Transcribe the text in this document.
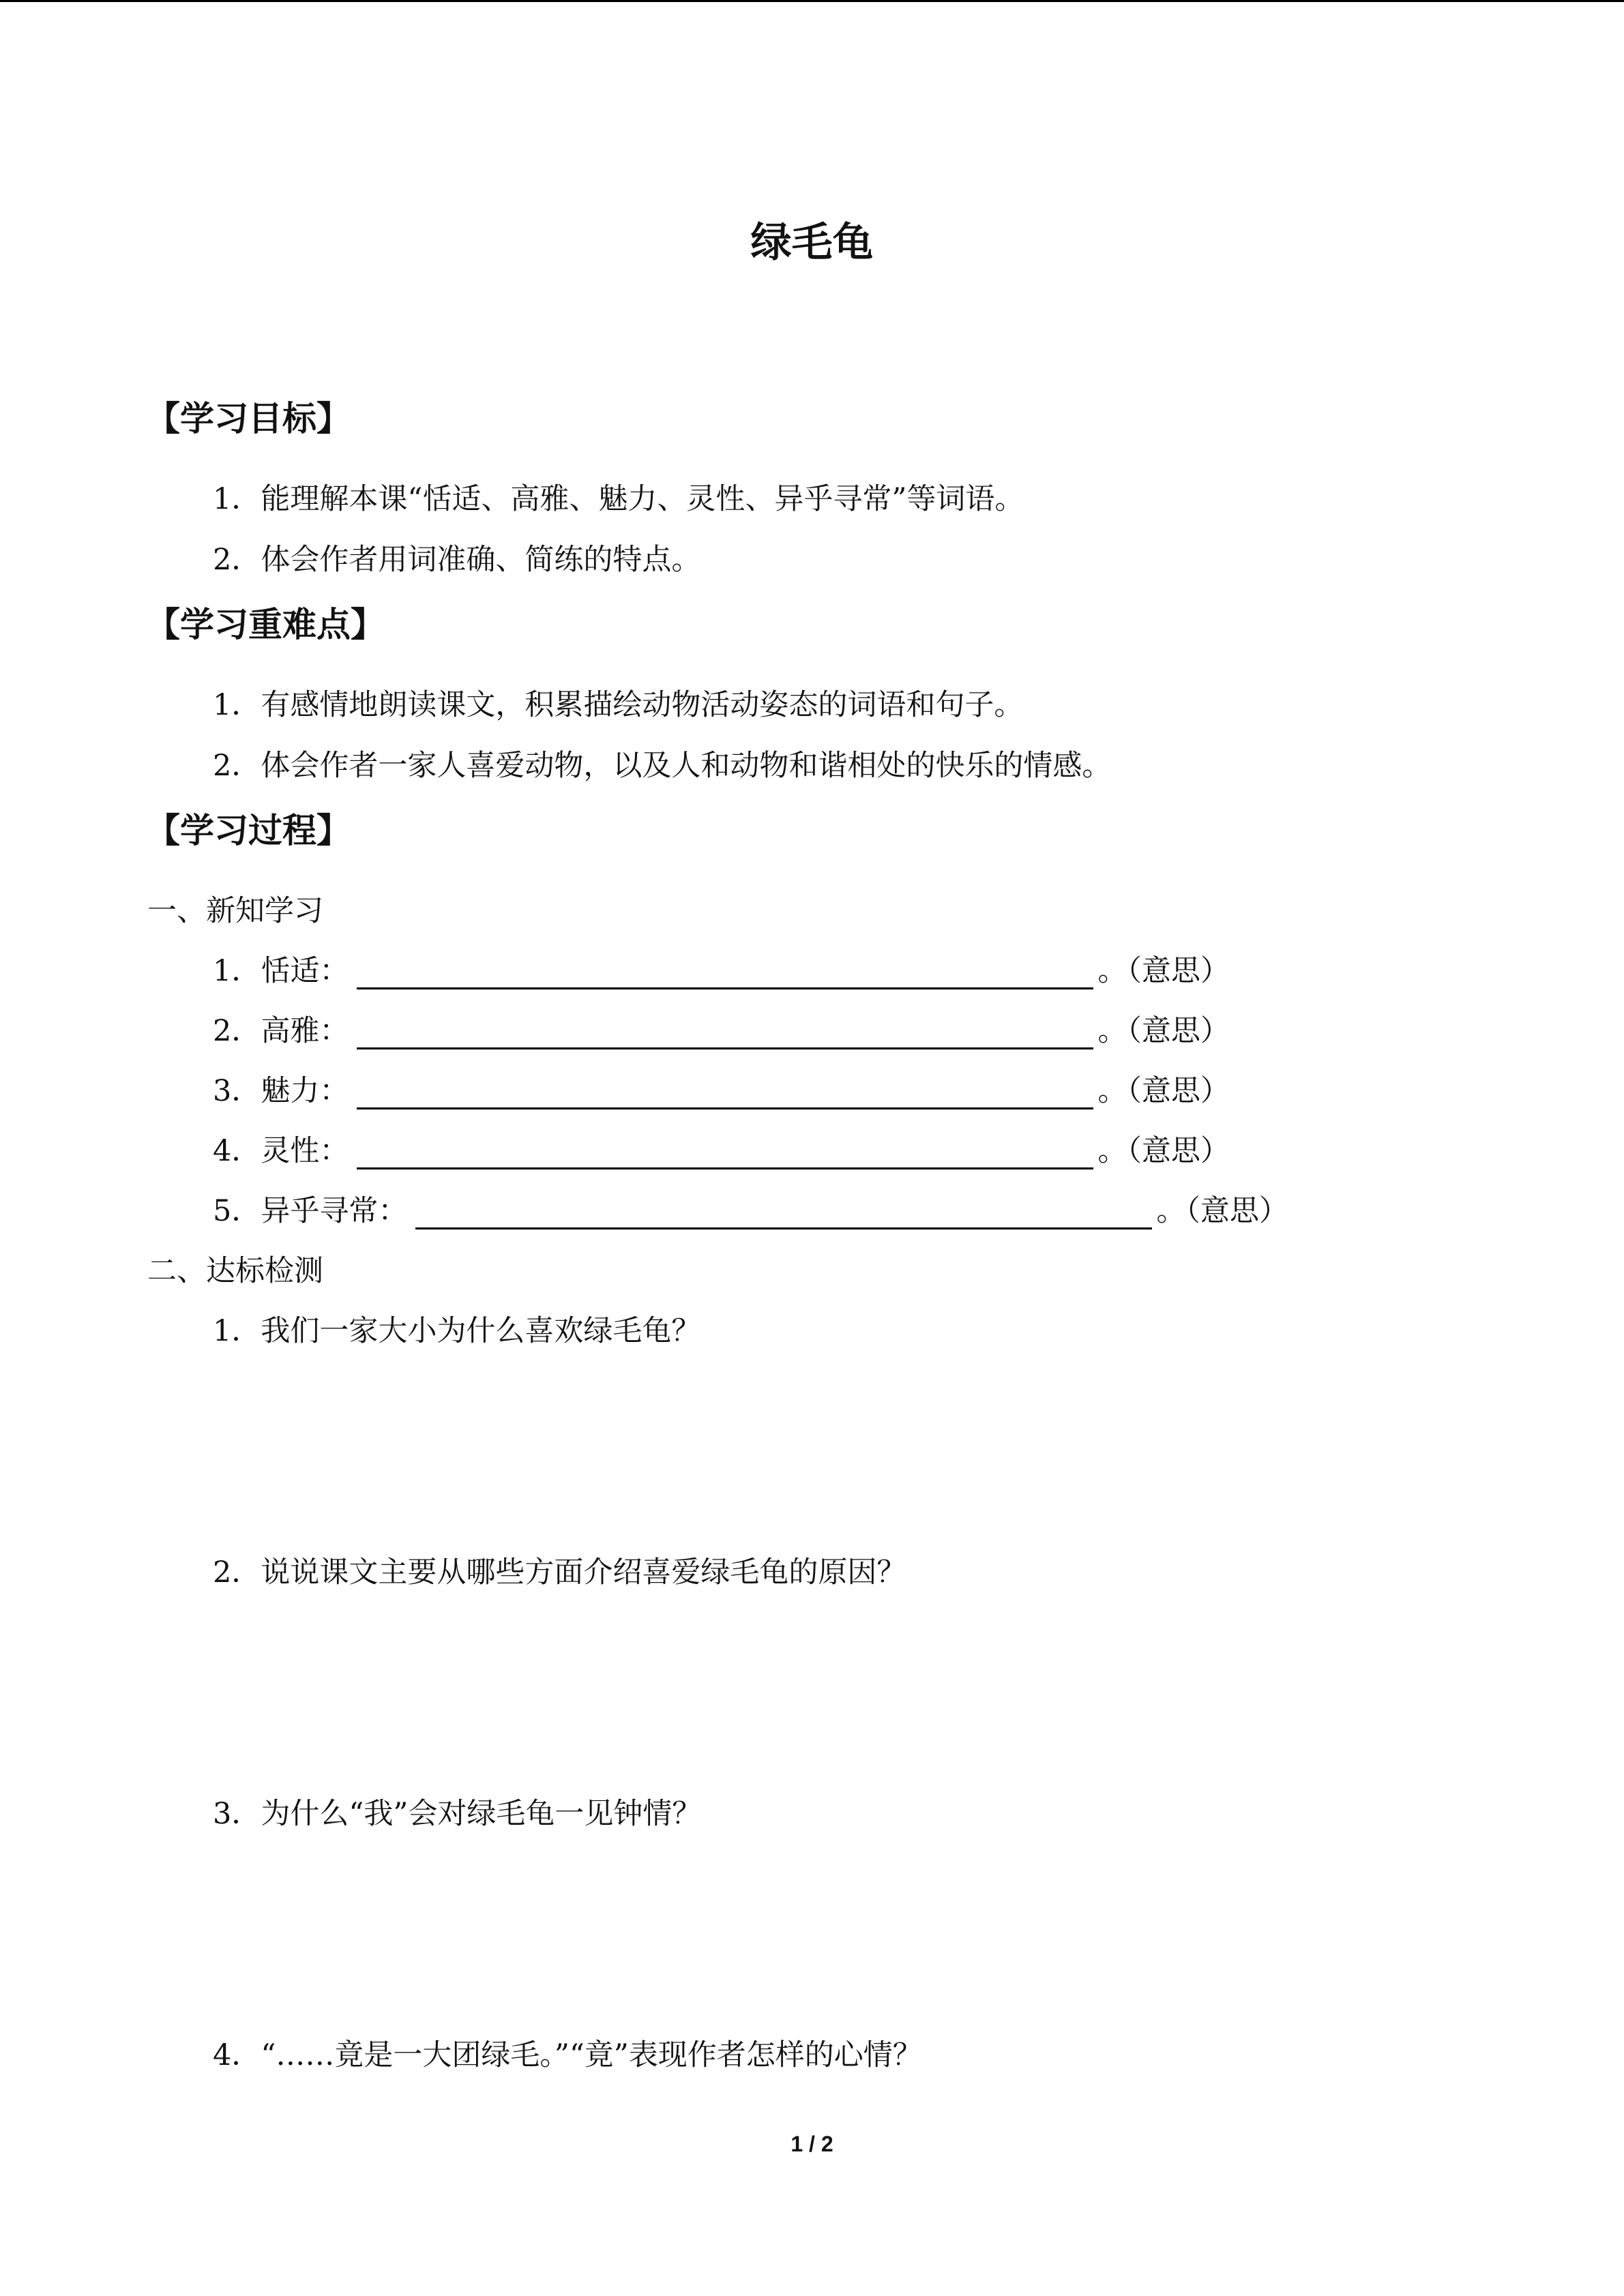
绿毛龟
【学习目标】
1．能理解本课“恬适、高雅、魅力、灵性、异乎寻常”等词语。
2．体会作者用词准确、简练的特点。
【学习重难点】
1．有感情地朗读课文，积累描绘动物活动姿态的词语和句子。
2．体会作者一家人喜爱动物，以及人和动物和谐相处的快乐的情感。
【学习过程】
一、新知学习
1．恬适：	。（意思）
2．高雅：	。（意思）
3．魅力：	。（意思）
4．灵性：	。（意思）
5．异乎寻常：	。（意思）
二、达标检测
1．我们一家大小为什么喜欢绿毛龟？
2．说说课文主要从哪些方面介绍喜爱绿毛龟的原因？
3．为什么“我”会对绿毛龟一见钟情？
4．“……竟是一大团绿毛。”“竟”表现作者怎样的心情？
1 / 2
